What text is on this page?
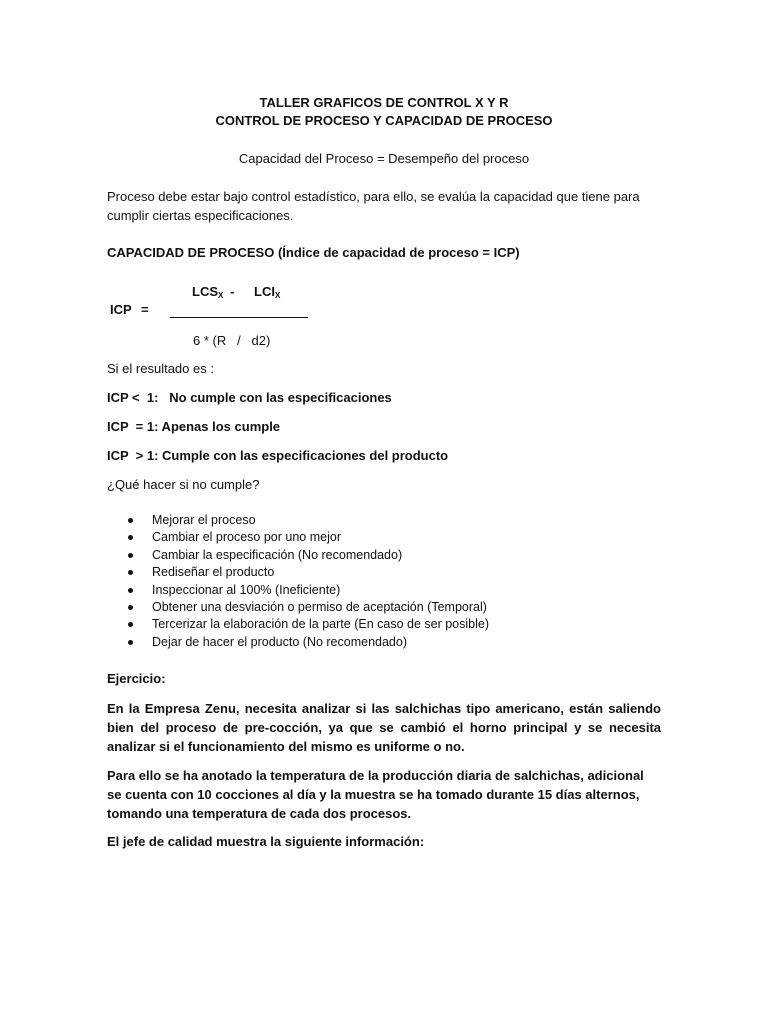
TALLER GRAFICOS DE CONTROL X Y R
CONTROL DE PROCESO Y CAPACIDAD DE PROCESO
Capacidad del Proceso = Desempeño del proceso
Proceso debe estar bajo control estadístico, para ello, se evalúa la capacidad que tiene para cumplir ciertas especificaciones.
CAPACIDAD DE PROCESO (Índice de capacidad de proceso = ICP)
$LCS_X - LCI_X$
ICP =
6 * (R   /   d2)
Si el resultado es :
ICP <  1:   No cumple con las especificaciones
ICP  = 1: Apenas los cumple
ICP  > 1: Cumple con las especificaciones del producto
¿Qué hacer si no cumple?
Mejorar el proceso
Cambiar el proceso por uno mejor
Cambiar la especificación (No recomendado)
Rediseñar el producto
Inspeccionar al 100% (Ineficiente)
Obtener una desviación o permiso de aceptación (Temporal)
Tercerizar la elaboración de la parte (En caso de ser posible)
Dejar de hacer el producto (No recomendado)
Ejercicio:
En la Empresa Zenu, necesita analizar si las salchichas tipo americano, están saliendo bien del proceso de pre-cocción, ya que se cambió el horno principal y se necesita analizar si el funcionamiento del mismo es uniforme o no.
Para ello se ha anotado la temperatura de la producción diaria de salchichas, adicional se cuenta con 10 cocciones al día y la muestra se ha tomado durante 15 días alternos, tomando una temperatura de cada dos procesos.
El jefe de calidad muestra la siguiente información:
